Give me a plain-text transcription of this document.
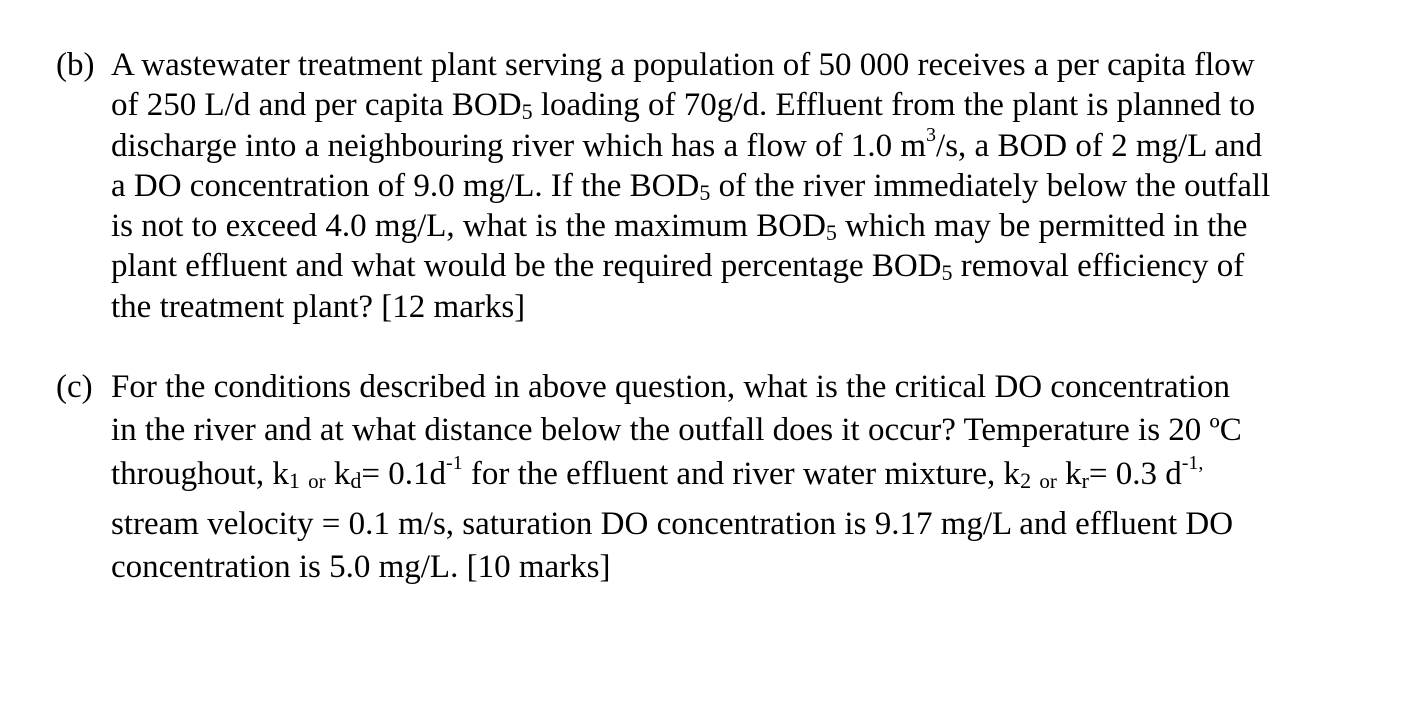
(b) A wastewater treatment plant serving a population of 50 000 receives a per capita flow
of 250 L/d and per capita BOD5 loading of 70g/d. Effluent from the plant is planned to
discharge into a neighbouring river which has a flow of 1.0 $m^3/s$, a BOD of 2 mg/L and
a DO concentration of 9.0 mg/L. If the BOD5 of the river immediately below the outfall
is not to exceed 4.0 mg/L, what is the maximum BOD5 which may be permitted in the
plant effluent and what would be the required percentage BOD5 removal efficiency of
the treatment plant? [12 marks]
(c) For the conditions described in above question, what is the critical DO concentration
in the river and at what distance below the outfall does it occur? Temperature is 20 ºC
throughout, k1 or $kd= 0.1d^{-1}$ for the effluent and river water mixture, k2 or kr= 0.3 $d^{-1,}$
stream velocity = 0.1 m/s, saturation DO concentration is 9.17 mg/L and effluent DO
concentration is 5.0 mg/L. [10 marks]
